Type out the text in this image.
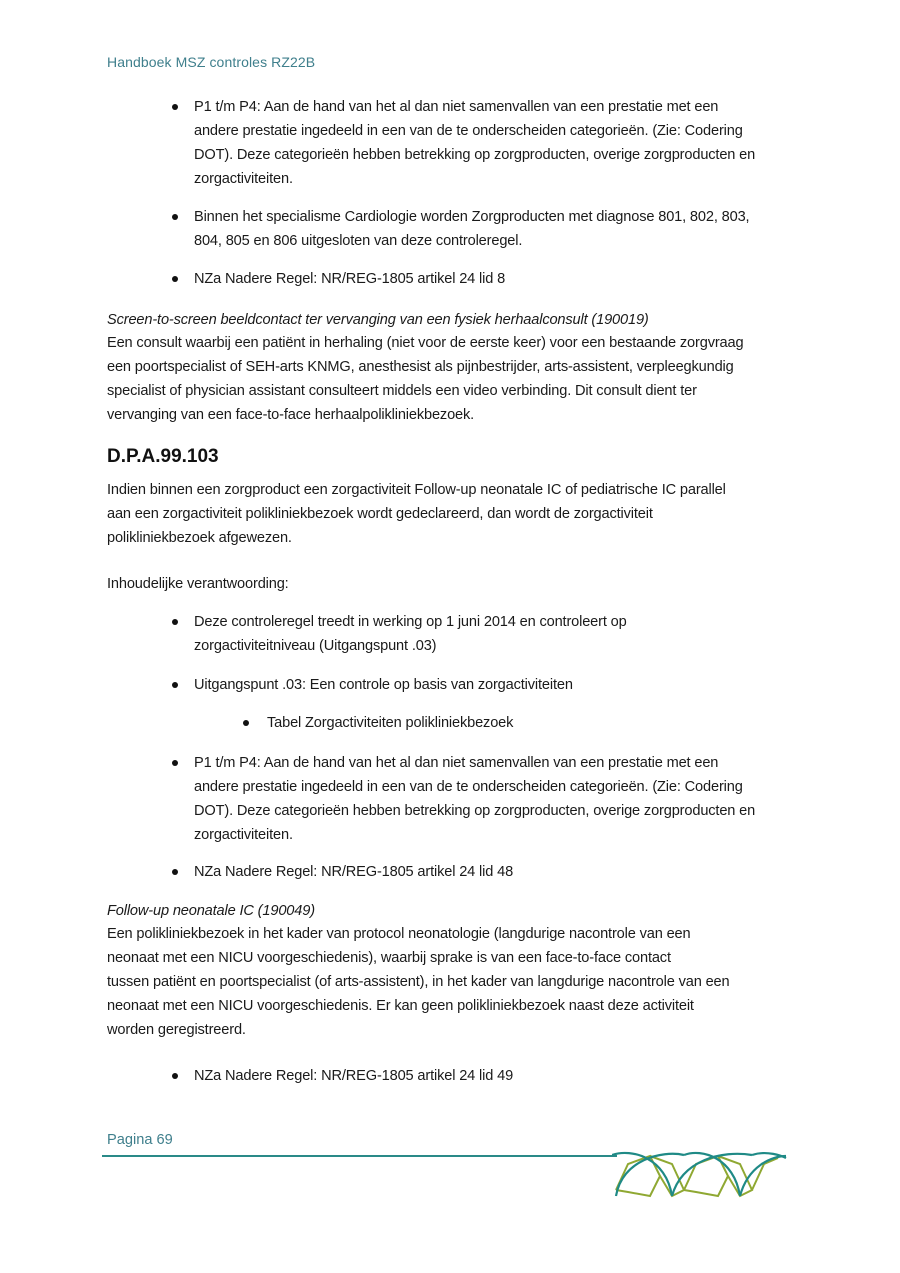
Handboek MSZ controles RZ22B
P1 t/m P4: Aan de hand van het al dan niet samenvallen van een prestatie met een
andere prestatie ingedeeld in een van de te onderscheiden categorieën. (Zie: Codering
DOT). Deze categorieën hebben betrekking op zorgproducten, overige zorgproducten en
zorgactiviteiten.
Binnen het specialisme Cardiologie worden Zorgproducten met diagnose 801, 802, 803,
804, 805 en 806 uitgesloten van deze controleregel.
NZa Nadere Regel: NR/REG-1805 artikel 24 lid 8
Screen-to-screen beeldcontact ter vervanging van een fysiek herhaalconsult (190019)
Een consult waarbij een patiënt in herhaling (niet voor de eerste keer) voor een bestaande zorgvraag
een poortspecialist of SEH-arts KNMG, anesthesist als pijnbestrijder, arts-assistent, verpleegkundig
specialist of physician assistant consulteert middels een video verbinding. Dit consult dient ter
vervanging van een face-to-face herhaalpolikliniekbezoek.
D.P.A.99.103
Indien binnen een zorgproduct een zorgactiviteit Follow-up neonatale IC of pediatrische IC parallel
aan een zorgactiviteit polikliniekbezoek wordt gedeclareerd, dan wordt de zorgactiviteit
polikliniekbezoek afgewezen.
Inhoudelijke verantwoording:
Deze controleregel treedt in werking op 1 juni 2014 en controleert op
zorgactiviteitniveau (Uitgangspunt .03)
Uitgangspunt .03: Een controle op basis van zorgactiviteiten
Tabel Zorgactiviteiten polikliniekbezoek
P1 t/m P4: Aan de hand van het al dan niet samenvallen van een prestatie met een
andere prestatie ingedeeld in een van de te onderscheiden categorieën. (Zie: Codering
DOT). Deze categorieën hebben betrekking op zorgproducten, overige zorgproducten en
zorgactiviteiten.
NZa Nadere Regel: NR/REG-1805 artikel 24 lid 48
Follow-up neonatale IC (190049)
Een polikliniekbezoek in het kader van protocol neonatologie (langdurige nacontrole van een
neonaat met een NICU voorgeschiedenis), waarbij sprake is van een face-to-face contact
tussen patiënt en poortspecialist (of arts-assistent), in het kader van langdurige nacontrole van een
neonaat met een NICU voorgeschiedenis. Er kan geen polikliniekbezoek naast deze activiteit
worden geregistreerd.
NZa Nadere Regel: NR/REG-1805 artikel 24 lid 49
Pagina 69
